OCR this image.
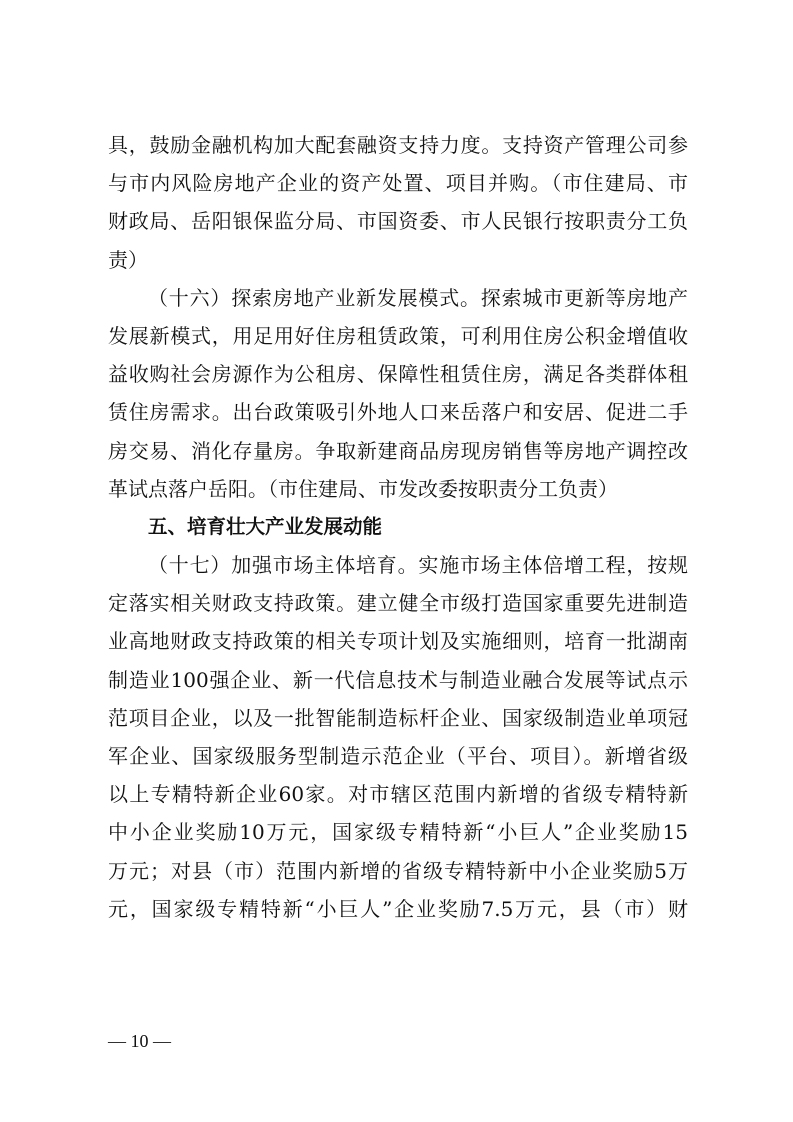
具，鼓励金融机构加大配套融资支持力度。支持资产管理公司参
与市内风险房地产企业的资产处置、项目并购。（市住建局、市
财政局、岳阳银保监分局、市国资委、市人民银行按职责分工负
责）
（十六）探索房地产业新发展模式。探索城市更新等房地产
发展新模式，用足用好住房租赁政策，可利用住房公积金增值收
益收购社会房源作为公租房、保障性租赁住房，满足各类群体租
赁住房需求。出台政策吸引外地人口来岳落户和安居、促进二手
房交易、消化存量房。争取新建商品房现房销售等房地产调控改
革试点落户岳阳。（市住建局、市发改委按职责分工负责）
五、培育壮大产业发展动能
（十七）加强市场主体培育。实施市场主体倍增工程，按规
定落实相关财政支持政策。建立健全市级打造国家重要先进制造
业高地财政支持政策的相关专项计划及实施细则，培育一批湖南
制造业100强企业、新一代信息技术与制造业融合发展等试点示
范项目企业，以及一批智能制造标杆企业、国家级制造业单项冠
军企业、国家级服务型制造示范企业（平台、项目）。新增省级
以上专精特新企业60家。对市辖区范围内新增的省级专精特新
中小企业奖励10万元，国家级专精特新“小巨人”企业奖励15
万元；对县（市）范围内新增的省级专精特新中小企业奖励5万
元，国家级专精特新“小巨人”企业奖励7.5万元，县（市）财
— 10 —
